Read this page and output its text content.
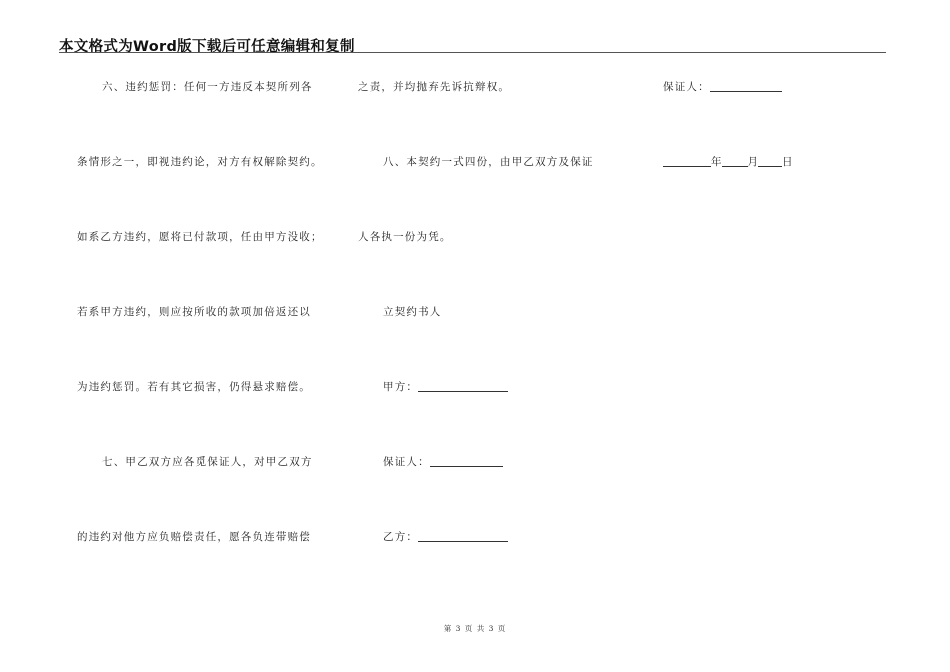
本文格式为Word版下载后可任意编辑和复制
六、违约惩罚：任何一方违反本契所列各
条情形之一，即视违约论，对方有权解除契约。
如系乙方违约，愿将已付款项，任由甲方没收；
若系甲方违约，则应按所收的款项加倍返还以
为违约惩罚。若有其它损害，仍得悬求赔偿。
七、甲乙双方应各觅保证人，对甲乙双方
的违约对他方应负赔偿责任，愿各负连带赔偿
之责，并均抛弃先诉抗辩权。
八、本契约一式四份，由甲乙双方及保证
人各执一份为凭。
立契约书人
甲方：
保证人：
乙方：
保证人：
年 月 日
第 3 页 共 3 页
